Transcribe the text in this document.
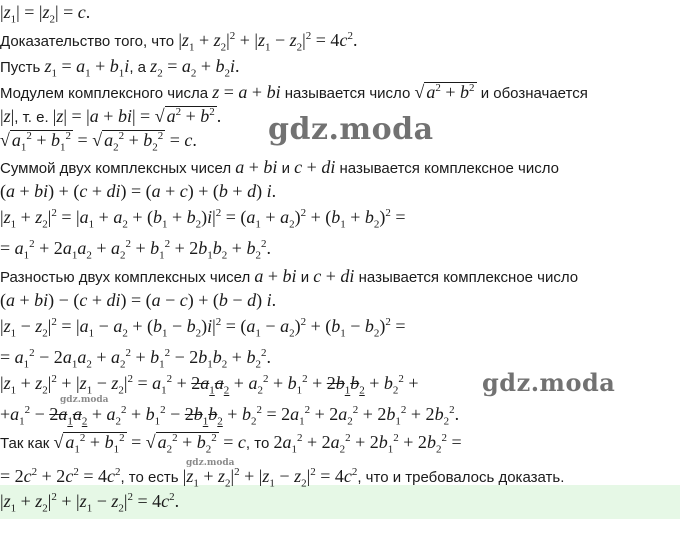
$|z_1| = |z_2| = c$.
Доказательство того, что $|z_1 + z_2|^2 + |z_1 - z_2|^2 = 4c^2$.
Пусть $z_1 = a_1 + b_1i$, а $z_2 = a_2 + b_2i$.
Модулем комплексного числа z = a + bi называется число √ $a^2 + b^2$ и обозначается
|z|, т. е. |z| = |a + bi| = √ $a^2 + b^2$ .
√ $a_1^2 + b_1^2$ = √ $a_2^2 + b_2^2 = c$.
Суммой двух комплексных чисел a + bi и c + di называется комплексное число
(a + bi) + (c + di) = (a + c) + (b + d) i.
$|z_1 + z_2|^2 = |a_1 + a_2 + (b_1 + b_2)i|^2 = (a_1 + a_2)^2 + (b_1 + b_2)^2$ =
= $a_1^2 + 2a_1a_2 + a_2^2 + b_1^2 + 2b_1b_2 + b_2^2$.
Разностью двух комплексных чисел a + bi и c + di называется комплексное число
(a + bi) − (c + di) = (a − c) + (b − d) i.
$|z_1 - z_2|^2 = |a_1 - a_2 + (b_1 - b_2)i|^2 = (a_1 - a_2)^2 + (b_1 - b_2)^2$ =
= $a_1^2 - 2a_1a_2 + a_2^2 + b_1^2 - 2b_1b_2 + b_2^2$.
$|z_1 + z_2|^2 + |z_1 - z_2|^2 = a_1^2 + 2a_1a_2 + a_2^2 + b_1^2 + 2b_1b_2 + b_2^2$ +
$+a_1^2 - 2a_1a_2 + a_2^2 + b_1^2 - 2b_1b_2 + b_2^2 = 2a_1^2 + 2a_2^2 + 2b_1^2 + 2b_2^2$.
Так как √ $a_1^2 + b_1^2$ = √ $a_2^2 + b_2^2 = c$, то $2a_1^2 + 2a_2^2 + 2b_1^2 + 2b_2^2$ =
= $2c^2 + 2c^2 = 4c^2$, то есть $|z_1 + z_2|^2 + |z_1 - z_2|^2 = 4c^2$, что и требовалось доказать.
$|z_1 + z_2|^2 + |z_1 - z_2|^2 = 4c^2$.
gdz.moda
gdz.moda
gdz.moda
gdz.moda
